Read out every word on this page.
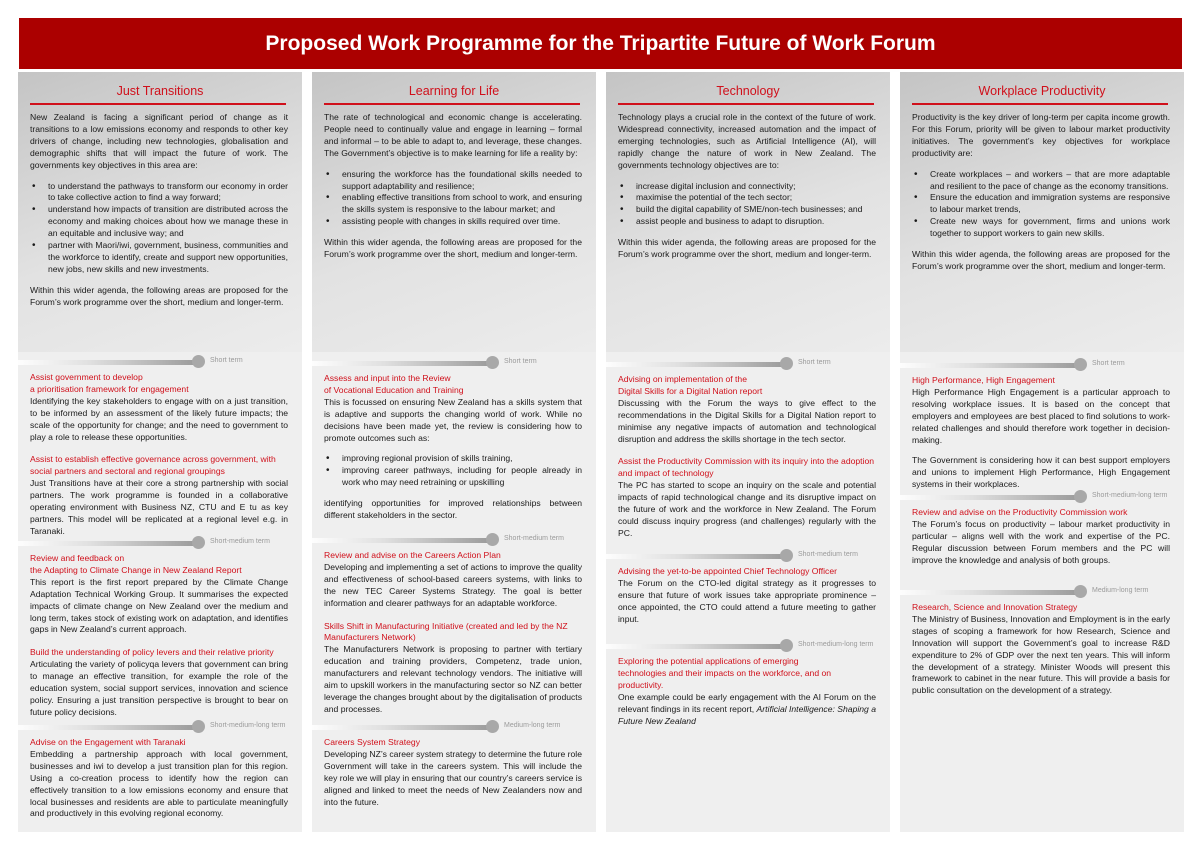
Proposed Work Programme for the Tripartite Future of Work Forum
Just Transitions

New Zealand is facing a significant period of change as it transitions to a low emissions economy and responds to other key drivers of change, including new technologies, globalisation and demographic shifts that will impact the future of work. The governments key objectives in this area are:

• to understand the pathways to transform our economy in order to take collective action to find a way forward;
• understand how impacts of transition are distributed across the economy and making choices about how we manage these in an equitable and inclusive way; and
• partner with Maori/iwi, government, business, communities and the workforce to identify, create and support new opportunities, new jobs, new skills and new investments.

Within this wider agenda, the following areas are proposed for the Forum’s work programme over the short, medium and longer-term.

Short term
Assist government to develop
a prioritisation framework for engagement

Identifying the key stakeholders to engage with on a just transition, to be informed by an assessment of the likely future impacts; the scale of the opportunity for change; and the need to government to play a role to release these opportunities.

Assist to establish effective governance across government, with social partners and sectoral and regional groupings

Just Transitions have at their core a strong partnership with social partners. The work programme is founded in a collaborative operating environment with Business NZ, CTU and E tu as key partners. This model will be replicated at a regional level e.g. in Taranaki.

Short-medium term
Review and feedback on
the Adapting to Climate Change in New Zealand Report

This report is the first report prepared by the Climate Change Adaptation Technical Working Group. It summarises the expected impacts of climate change on New Zealand over the medium and long term, takes stock of existing work on adaptation, and identifies gaps in New Zealand’s current approach.

Build the understanding of policy levers and their relative priority

Articulating the variety of policyqa levers that government can bring to manage an effective transition, for example the role of the education system, social support services, innovation and science policy. Ensuring a just transition perspective is brought to bear on future policy decisions.

Short-medium-long term
Advise on the Engagement with Taranaki

Embedding a partnership approach with local government, businesses and iwi to develop a just transition plan for this region. Using a co-creation process to identify how the region can effectively transition to a low emissions economy and ensure that local businesses and residents are able to particulate meaningfully and productively in this evolving regional economy.

Learning for Life

The rate of technological and economic change is accelerating. People need to continually value and engage in learning – formal and informal – to be able to adapt to, and leverage, these changes. The Government’s objective is to make learning for life a reality by:

• ensuring the workforce has the foundational skills needed to support adaptability and resilience;
• enabling effective transitions from school to work, and ensuring the skills system is responsive to the labour market; and
• assisting people with changes in skills required over time.

Within this wider agenda, the following areas are proposed for the Forum’s work programme over the short, medium and longer-term.

Short term
Assess and input into the Review
of Vocational Education and Training

This is focussed on ensuring New Zealand has a skills system that is adaptive and supports the changing world of work. While no decisions have been made yet, the review is considering how to promote outcomes such as:

• improving regional provision of skills training,
• improving career pathways, including for people already in work who may need retraining or upskilling

identifying opportunities for improved relationships between different stakeholders in the sector.

Short-medium term
Review and advise on the Careers Action Plan

Developing and implementing a set of actions to improve the quality and effectiveness of school-based careers systems, with links to the new TEC Career Systems Strategy. The goal is better information and clearer pathways for an adaptable workforce.

Skills Shift in Manufacturing Initiative (created and led by the NZ Manufacturers Network)

The Manufacturers Network is proposing to partner with tertiary education and training providers, Competenz, trade union, manufacturers and relevant technology vendors. The initiative will aim to upskill workers in the manufacturing sector so NZ can better leverage the changes brought about by the digitalisation of products and processes.

Medium-long term
Careers System Strategy

Developing NZ’s career system strategy to determine the future role Government will take in the careers system. This will include the key role we will play in ensuring that our country’s careers service is aligned and linked to meet the needs of New Zealanders now and into the future.

Technology

Technology plays a crucial role in the context of the future of work. Widespread connectivity, increased automation and the impact of emerging technologies, such as Artificial Intelligence (AI), will rapidly change the nature of work in New Zealand. The governments technology objectives are to:

• increase digital inclusion and connectivity;
• maximise the potential of the tech sector;
• build the digital capability of SME/non-tech businesses; and
• assist people and business to adapt to disruption.

Within this wider agenda, the following areas are proposed for the Forum’s work programme over the short, medium and longer-term.

Short term
Advising on implementation of the
Digital Skills for a Digital Nation report

Discussing with the Forum the ways to give effect to the recommendations in the Digital Skills for a Digital Nation report to minimise any negative impacts of automation and technological disruption and address the skills shortage in the tech sector.

Assist the Productivity Commission with its inquiry into the adoption and impact of technology

The PC has started to scope an inquiry on the scale and potential impacts of rapid technological change and its disruptive impact on the future of work and the workforce in New Zealand. The Forum could discuss inquiry progress (and challenges) regularly with the PC.

Short-medium term
Advising the yet-to-be appointed Chief Technology Officer

The Forum on the CTO-led digital strategy as it progresses to ensure that future of work issues take appropriate prominence – once appointed, the CTO could attend a future meeting to gather input.

Short-medium-long term
Exploring the potential applications of emerging
technologies and their impacts on the workforce, and on
productivity.

One example could be early engagement with the AI Forum on the relevant findings in its recent report, Artificial Intelligence: Shaping a Future New Zealand

Workplace Productivity

Productivity is the key driver of long-term per capita income growth. For this Forum, priority will be given to labour market productivity initiatives. The government’s key objectives for workplace productivity are:

• Create workplaces – and workers – that are more adaptable and resilient to the pace of change as the economy transitions.
• Ensure the education and immigration systems are responsive to labour market trends,
• Create new ways for government, firms and unions work together to support workers to gain new skills.

Within this wider agenda, the following areas are proposed for the Forum’s work programme over the short, medium and longer-term.

Short term
High Performance, High Engagement

High Performance High Engagement is a particular approach to resolving workplace issues. It is based on the concept that employers and employees are best placed to find solutions to work-related challenges and should therefore work together in decision-making.

The Government is considering how it can best support employers and unions to implement High Performance, High Engagement systems in their workplaces.

Short-medium-long term
Review and advise on the Productivity Commission work

The Forum’s focus on productivity – labour market productivity in particular – aligns well with the work and expertise of the PC. Regular discussion between Forum members and the PC will improve the knowledge and analysis of both groups.

Medium-long term
Research, Science and Innovation Strategy

The Ministry of Business, Innovation and Employment is in the early stages of scoping a framework for how Research, Science and Innovation will support the Government’s goal to increase R&D expenditure to 2% of GDP over the next ten years. This will inform the development of a strategy. Minister Woods will present this framework to cabinet in the near future. This will provide a basis for public consultation on the development of a strategy.
